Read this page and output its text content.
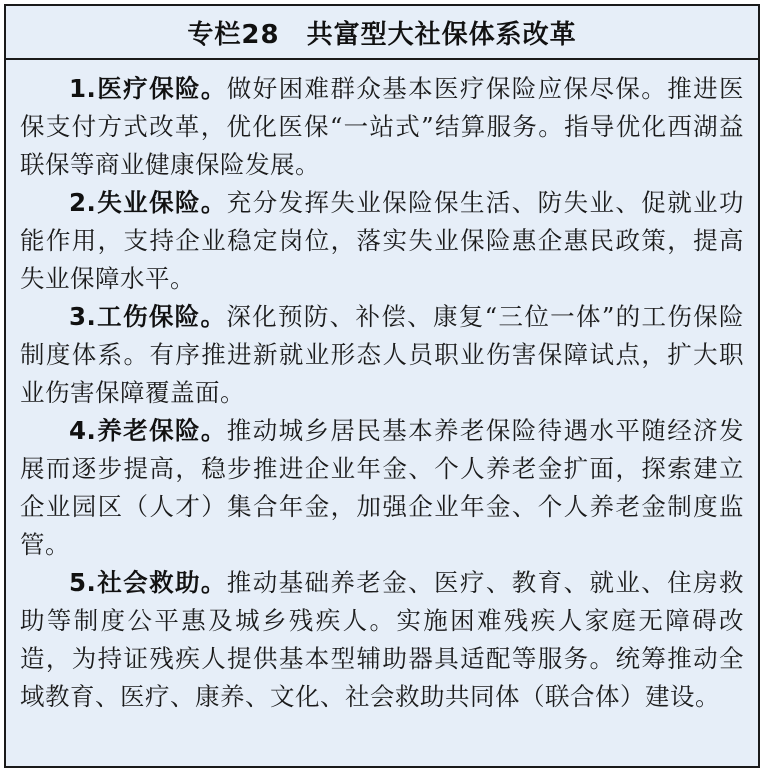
专栏28　共富型大社保体系改革

1.医疗保险。做好困难群众基本医疗保险应保尽保。推进医保支付方式改革，优化医保“一站式”结算服务。指导优化西湖益联保等商业健康保险发展。

2.失业保险。充分发挥失业保险保生活、防失业、促就业功能作用，支持企业稳定岗位，落实失业保险惠企惠民政策，提高失业保障水平。

3.工伤保险。深化预防、补偿、康复“三位一体”的工伤保险制度体系。有序推进新就业形态人员职业伤害保障试点，扩大职业伤害保障覆盖面。

4.养老保险。推动城乡居民基本养老保险待遇水平随经济发展而逐步提高，稳步推进企业年金、个人养老金扩面，探索建立企业园区（人才）集合年金，加强企业年金、个人养老金制度监管。

5.社会救助。推动基础养老金、医疗、教育、就业、住房救助等制度公平惠及城乡残疾人。实施困难残疾人家庭无障碍改造，为持证残疾人提供基本型辅助器具适配等服务。统筹推动全域教育、医疗、康养、文化、社会救助共同体（联合体）建设。
